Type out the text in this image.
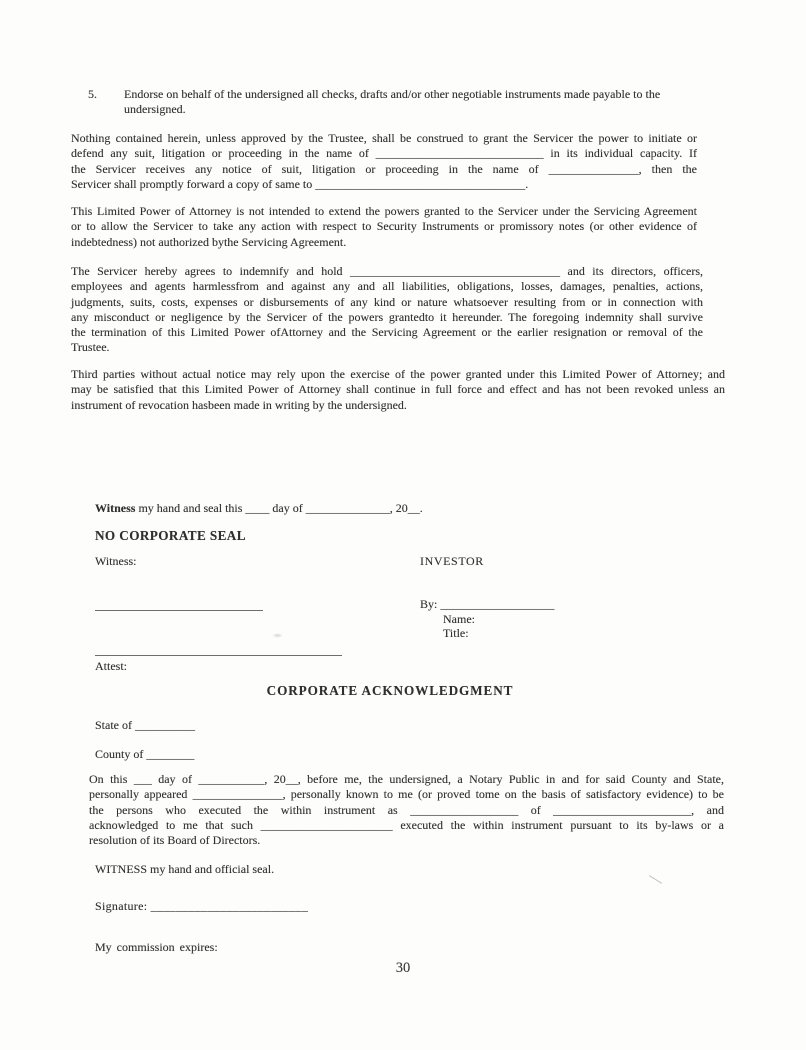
5.	Endorse on behalf of the undersigned all checks, drafts and/or other negotiable instruments made payable to the
undersigned.
Nothing contained herein, unless approved by the Trustee, shall be construed to grant the Servicer the power to initiate or
defend any suit, litigation or proceeding in the name of ____________________________ in its individual capacity. If
the Servicer receives any notice of suit, litigation or proceeding in the name of _______________, then the
Servicer shall promptly forward a copy of same to ___________________________________.
This Limited Power of Attorney is not intended to extend the powers granted to the Servicer under the Servicing Agreement
or to allow the Servicer to take any action with respect to Security Instruments or promissory notes (or other evidence of
indebtedness) not authorized bythe Servicing Agreement.
The Servicer hereby agrees to indemnify and hold ___________________________________ and its directors, officers,
employees and agents harmlessfrom and against any and all liabilities, obligations, losses, damages, penalties, actions,
judgments, suits, costs, expenses or disbursements of any kind or nature whatsoever resulting from or in connection with
any misconduct or negligence by the Servicer of the powers grantedto it hereunder. The foregoing indemnity shall survive
the termination of this Limited Power ofAttorney and the Servicing Agreement or the earlier resignation or removal of the
Trustee.
Third parties without actual notice may rely upon the exercise of the power granted under this Limited Power of Attorney; and
may be satisfied that this Limited Power of Attorney shall continue in full force and effect and has not been revoked unless an
instrument of revocation hasbeen made in writing by the undersigned.
Witness my hand and seal this ____ day of ______________, 20__.
NO CORPORATE SEAL
Witness:	INVESTOR
By: ___________________
Name:
Title:
Attest:
CORPORATE ACKNOWLEDGMENT
State of __________
County of ________
On this ___ day of ___________, 20__, before me, the undersigned, a Notary Public in and for said County and State,
personally appeared _______________, personally known to me (or proved tome on the basis of satisfactory evidence) to be
the persons who executed the within instrument as __________________ of _______________________, and
acknowledged to me that such ______________________ executed the within instrument pursuant to its by-laws or a
resolution of its Board of Directors.
WITNESS my hand and official seal.
Signature: _________________________
My commission expires:
30
